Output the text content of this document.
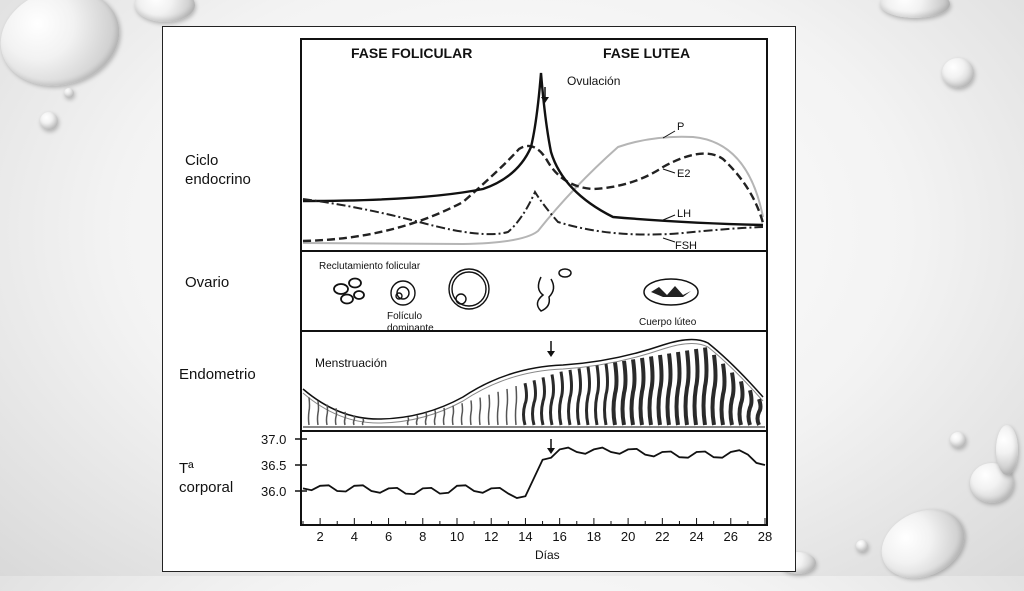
Ciclo
endocrino
Ovario
Endometrio
Tª
corporal
FASE FOLICULAR	FASE LUTEA
Ovulación
P
E2
LH
FSH
Reclutamiento folicular
Folículo
dominante
Cuerpo lúteo
Menstruación
37.0
36.5
36.0
2 4 6 8 10 12 14 16 18 20 22 24 26 28
Días
